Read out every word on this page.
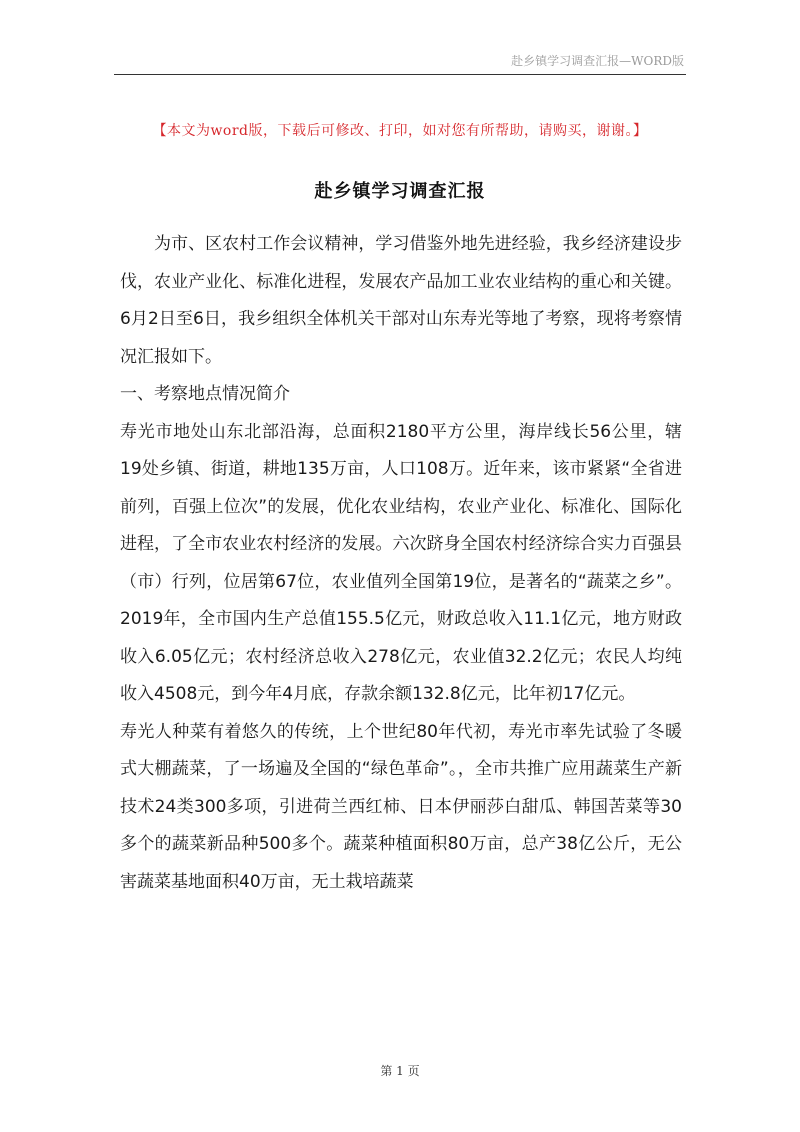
赴乡镇学习调查汇报—WORD版
【本文为word版，下载后可修改、打印，如对您有所帮助，请购买，谢谢。】
赴乡镇学习调查汇报

为市、区农村工作会议精神，学习借鉴外地先进经验，我乡经济建设步伐，农业产业化、标准化进程，发展农产品加工业农业结构的重心和关键。6月2日至6日，我乡组织全体机关干部对山东寿光等地了考察，现将考察情况汇报如下。

一、考察地点情况简介

寿光市地处山东北部沿海，总面积2180平方公里，海岸线长56公里，辖19处乡镇、街道，耕地135万亩，人口108万。近年来，该市紧紧“全省进前列，百强上位次”的发展，优化农业结构，农业产业化、标准化、国际化进程，了全市农业农村经济的发展。六次跻身全国农村经济综合实力百强县（市）行列，位居第67位，农业值列全国第19位，是著名的“蔬菜之乡”。2019年，全市国内生产总值155.5亿元，财政总收入11.1亿元，地方财政收入6.05亿元；农村经济总收入278亿元，农业值32.2亿元；农民人均纯收入4508元，到今年4月底，存款余额132.8亿元，比年初17亿元。

寿光人种菜有着悠久的传统，上个世纪80年代初，寿光市率先试验了冬暖式大棚蔬菜，了一场遍及全国的“绿色革命”。，全市共推广应用蔬菜生产新技术24类300多项，引进荷兰西红柿、日本伊丽莎白甜瓜、韩国苦菜等30多个的蔬菜新品种500多个。蔬菜种植面积80万亩，总产38亿公斤，无公害蔬菜基地面积40万亩，无土栽培蔬菜

第 1 页
